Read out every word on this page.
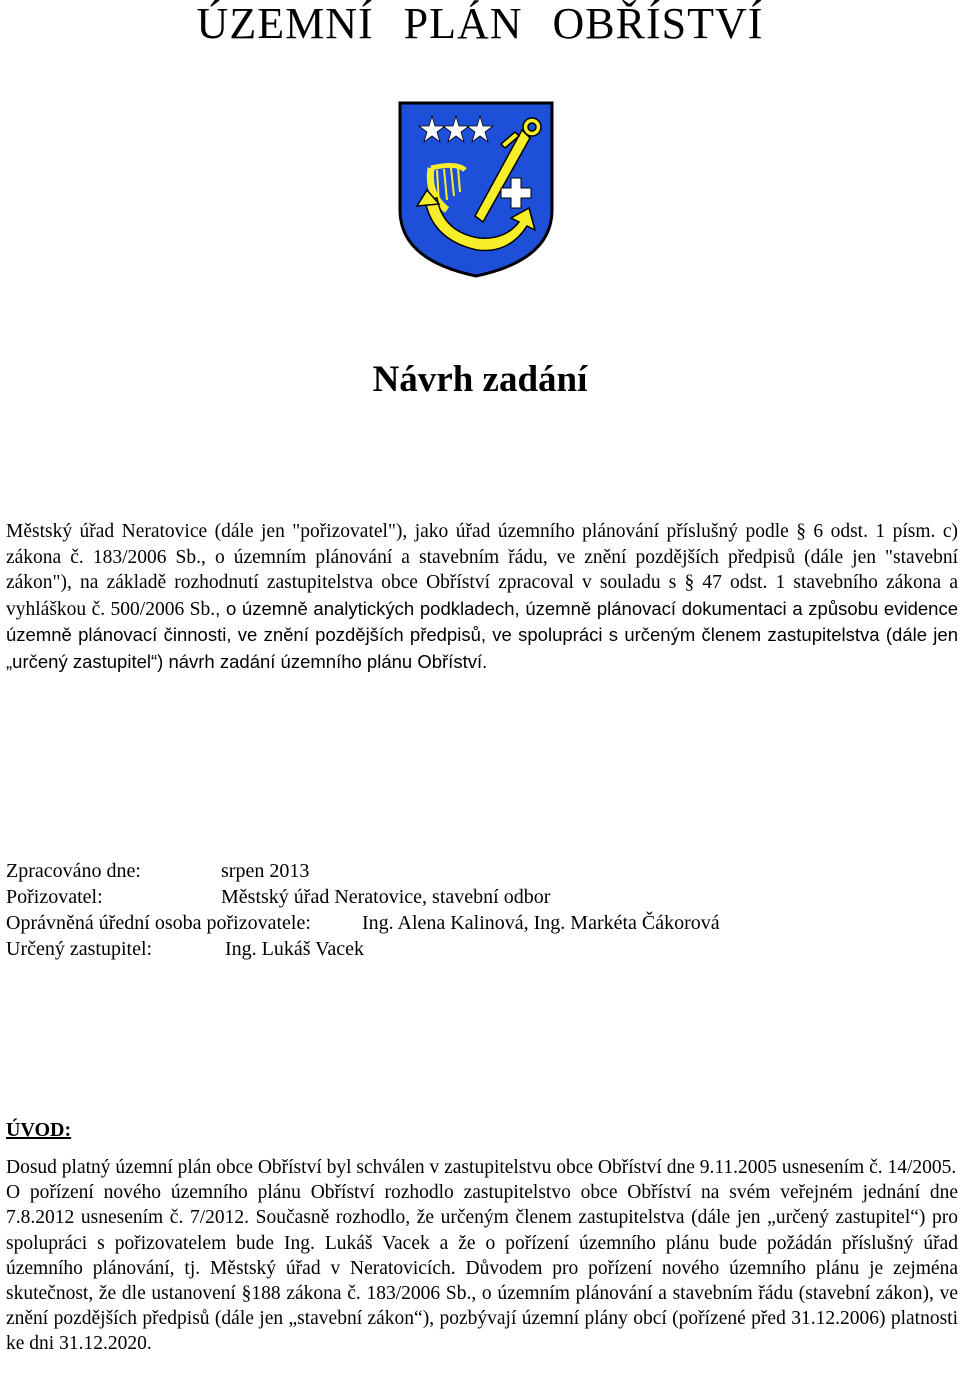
ÚZEMNÍ PLÁN OBŘÍSTVÍ
Návrh zadání
Městský úřad Neratovice (dále jen "pořizovatel"), jako úřad územního plánování příslušný podle § 6 odst. 1 písm. c) zákona č. 183/2006 Sb., o územním plánování a stavebním řádu, ve znění pozdějších předpisů (dále jen "stavební zákon"), na základě rozhodnutí zastupitelstva obce Obříství zpracoval v souladu s § 47 odst. 1 stavebního zákona a vyhláškou č. 500/2006 Sb., o územně analytických podkladech, územně plánovací dokumentaci a způsobu evidence územně plánovací činnosti, ve znění pozdějších předpisů, ve spolupráci s určeným členem zastupitelstva (dále jen „určený zastupitel“) návrh zadání územního plánu Obříství.
Zpracováno dne:	srpen 2013
Pořizovatel:	Městský úřad Neratovice, stavební odbor
Oprávněná úřední osoba pořizovatele:	Ing. Alena Kalinová, Ing. Markéta Čákorová
Určený zastupitel:	Ing. Lukáš Vacek
ÚVOD:

Dosud platný územní plán obce Obříství byl schválen v zastupitelstvu obce Obříství dne 9.11.2005 usnesením č. 14/2005.

O pořízení nového územního plánu Obříství rozhodlo zastupitelstvo obce Obříství na svém veřejném jednání dne 7.8.2012 usnesením č. 7/2012. Současně rozhodlo, že určeným členem zastupitelstva (dále jen „určený zastupitel“) pro spolupráci s pořizovatelem bude Ing. Lukáš Vacek a že o pořízení územního plánu bude požádán příslušný úřad územního plánování, tj. Městský úřad v Neratovicích. Důvodem pro pořízení nového územního plánu je zejména skutečnost, že dle ustanovení §188 zákona č. 183/2006 Sb., o územním plánování a stavebním řádu (stavební zákon), ve znění pozdějších předpisů (dále jen „stavební zákon“), pozbývají územní plány obcí (pořízené před 31.12.2006) platnosti ke dni 31.12.2020.
